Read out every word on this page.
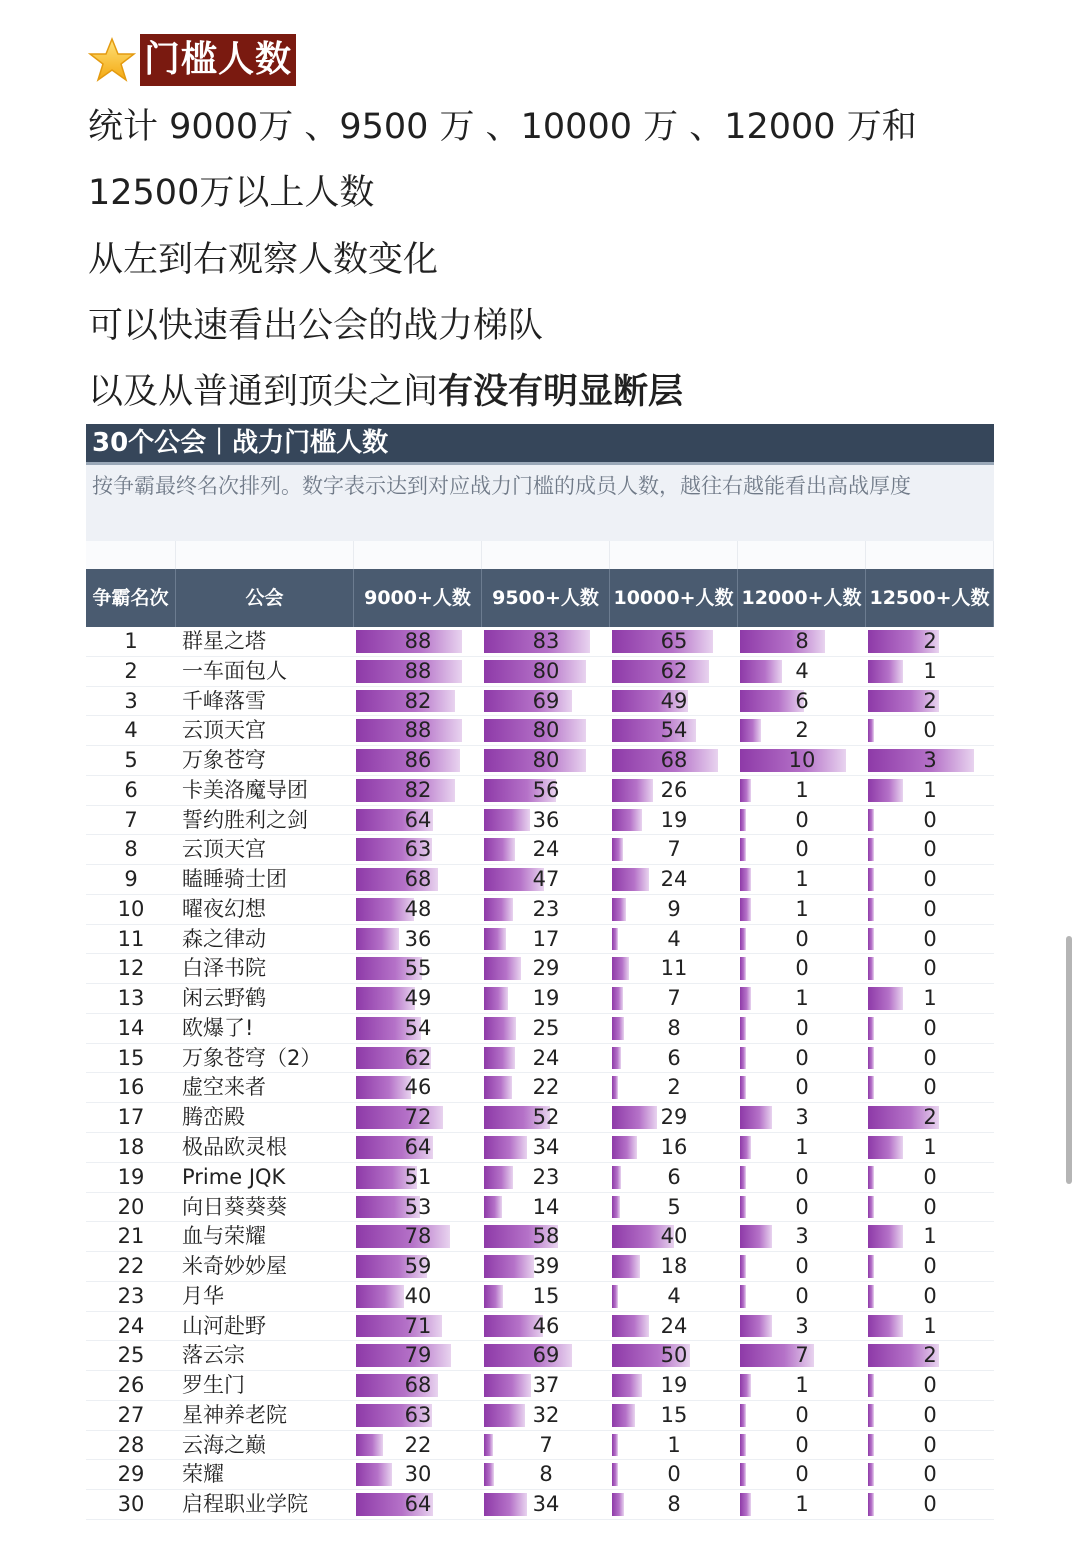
门槛人数
统计 9000万 、9500 万 、10000 万 、12000 万和
12500万以上人数
从左到右观察人数变化
可以快速看出公会的战力梯队
以及从普通到顶尖之间有没有明显断层
30个公会｜战力门槛人数
按争霸最终名次排列。数字表示达到对应战力门槛的成员人数，越往右越能看出高战厚度
争霸名次	公会	9000+人数	9500+人数 10000+人数 12000+人数 12500+人数
1	群星之塔	88	83	65	8	2
2	一车面包人	88	80	62	4	1
3	千峰落雪	82	69	49	6	2
4	云顶天宫	88	80	54	2	0
5	万象苍穹	86	80	68	10	3
6	卡美洛魔导团	82	56	26	1	1
7	誓约胜利之剑	64	36	19	0	0
8	云顶天宫	63	24	7	0	0
9	瞌睡骑士团	68	47	24	1	0
10	曜夜幻想	48	23	9	1	0
11	森之律动	36	17	4	0	0
12	白泽书院	55	29	11	0	0
13	闲云野鹤	49	19	7	1	1
14	欧爆了!	54	25	8	0	0
15	万象苍穹（2）	62	24	6	0	0
16	虚空来者	46	22	2	0	0
17	腾峦殿	72	52	29	3	2
18	极品欧灵根	64	34	16	1	1
19	Prime JQK	51	23	6	0	0
20	向日葵葵葵	53	14	5	0	0
21	血与荣耀	78	58	40	3	1
22	米奇妙妙屋	59	39	18	0	0
23	月华	40	15	4	0	0
24	山河赴野	71	46	24	3	1
25	落云宗	79	69	50	7	2
26	罗生门	68	37	19	1	0
27	星神养老院	63	32	15	0	0
28	云海之巅	22	7	1	0	0
29	荣耀	30	8	0	0	0
30	启程职业学院	64	34	8	1	0
